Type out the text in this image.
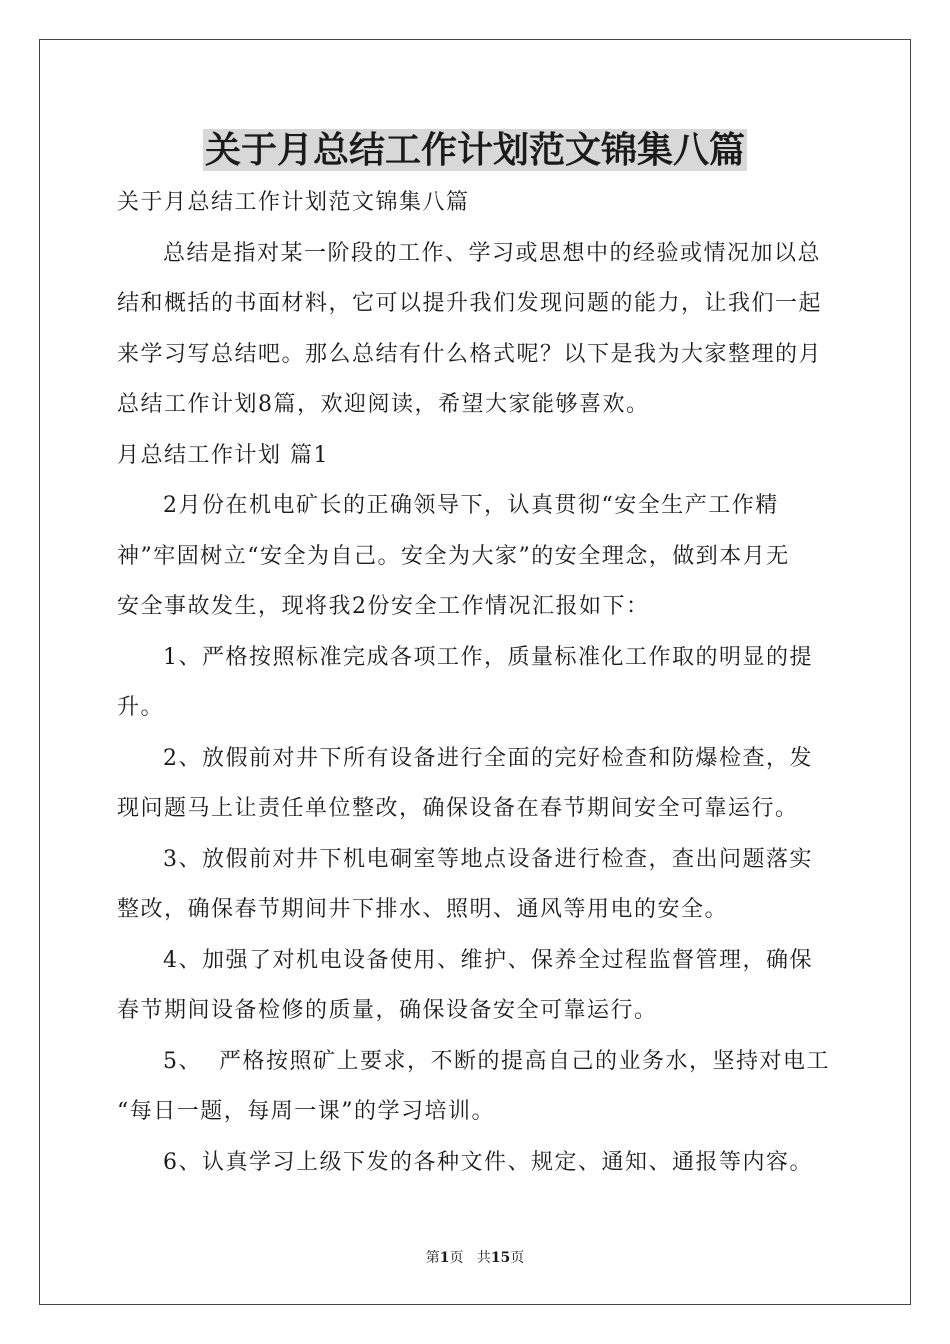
关于月总结工作计划范文锦集八篇
关于月总结工作计划范文锦集八篇
总结是指对某一阶段的工作、学习或思想中的经验或情况加以总
结和概括的书面材料，它可以提升我们发现问题的能力，让我们一起
来学习写总结吧。那么总结有什么格式呢？以下是我为大家整理的月
总结工作计划8篇，欢迎阅读，希望大家能够喜欢。
月总结工作计划 篇1
2月份在机电矿长的正确领导下，认真贯彻“安全生产工作精
神”牢固树立“安全为自己。安全为大家”的安全理念，做到本月无
安全事故发生，现将我2份安全工作情况汇报如下：
1、严格按照标准完成各项工作，质量标准化工作取的明显的提
升。
2、放假前对井下所有设备进行全面的完好检查和防爆检查，发
现问题马上让责任单位整改，确保设备在春节期间安全可靠运行。
3、放假前对井下机电硐室等地点设备进行检查，查出问题落实
整改，确保春节期间井下排水、照明、通风等用电的安全。
4、加强了对机电设备使用、维护、保养全过程监督管理，确保
春节期间设备检修的质量，确保设备安全可靠运行。
5、  严格按照矿上要求，不断的提高自己的业务水，坚持对电工
“每日一题，每周一课”的学习培训。
6、认真学习上级下发的各种文件、规定、通知、通报等内容。
第1页 共15页
